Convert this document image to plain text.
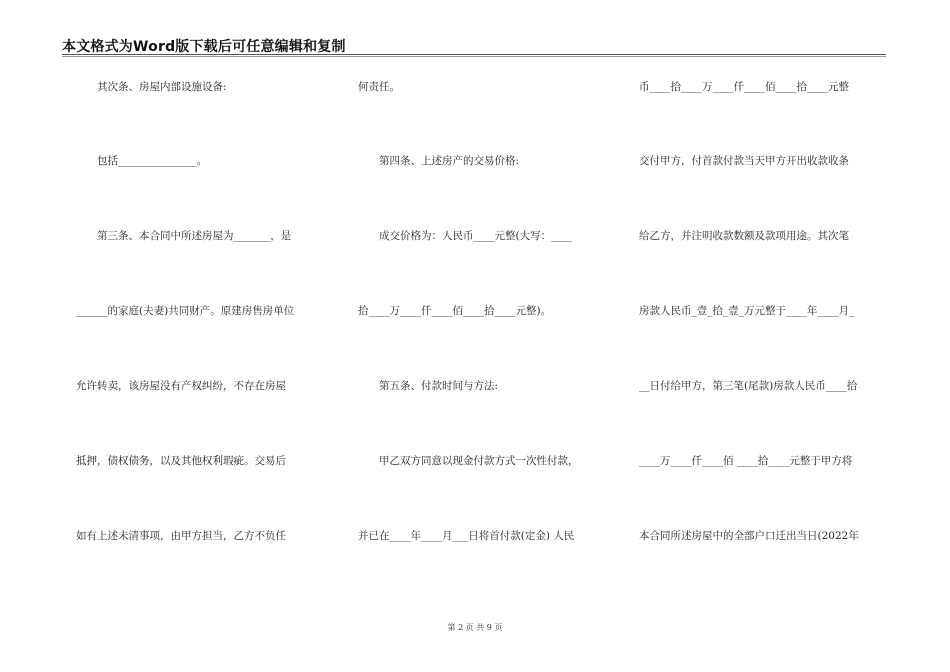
本文格式为Word版下载后可任意编辑和复制
　　其次条、房屋内部设施设备:
　　包括_______________。
　　第三条、本合同中所述房屋为_______，是
______的家庭(夫妻)共同财产。原建房售房单位
允许转卖，该房屋没有产权纠纷，不存在房屋
抵押，债权债务，以及其他权利瑕疵。交易后
如有上述未清事项，由甲方担当，乙方不负任
何责任。
　　第四条、上述房产的交易价格:
　　成交价格为：人民币____元整(大写：____
拾____万____仟____佰____拾____元整)。
　　第五条、付款时间与方法:
　　甲乙双方同意以现金付款方式一次性付款，
并已在____年____月___日将首付款(定金) 人民
币____拾____万____仟____佰____拾____元整
交付甲方，付首款付款当天甲方开出收款收条
给乙方，并注明收款数额及款项用途。其次笔
房款人民币_壹_拾_壹_万元整于____年____月_
__日付给甲方，第三笔(尾款)房款人民币____拾
____万____仟____佰 ____拾____元整于甲方将
本合同所述房屋中的全部户口迁出当日(2022年
第 2 页 共 9 页
